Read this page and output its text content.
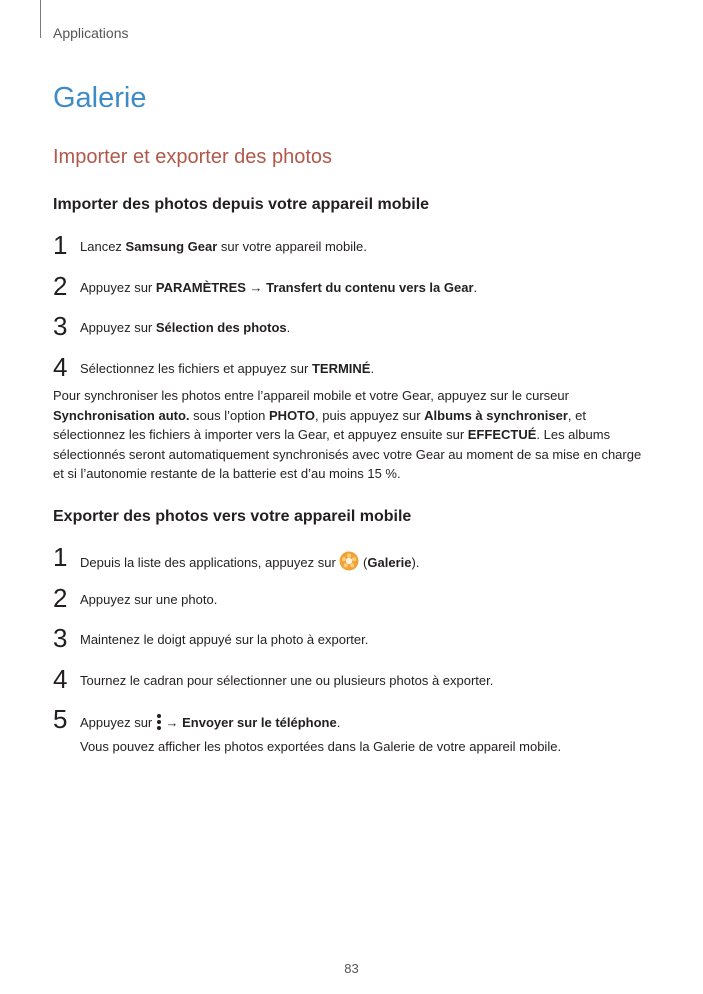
Applications
Galerie
Importer et exporter des photos
Importer des photos depuis votre appareil mobile
1 Lancez Samsung Gear sur votre appareil mobile.
2 Appuyez sur PARAMÈTRES → Transfert du contenu vers la Gear.
3 Appuyez sur Sélection des photos.
4 Sélectionnez les fichiers et appuyez sur TERMINÉ.
Pour synchroniser les photos entre l’appareil mobile et votre Gear, appuyez sur le curseur Synchronisation auto. sous l’option PHOTO, puis appuyez sur Albums à synchroniser, et sélectionnez les fichiers à importer vers la Gear, et appuyez ensuite sur EFFECTUÉ. Les albums sélectionnés seront automatiquement synchronisés avec votre Gear au moment de sa mise en charge et si l’autonomie restante de la batterie est d’au moins 15 %.
Exporter des photos vers votre appareil mobile
1 Depuis la liste des applications, appuyez sur  (Galerie).
2 Appuyez sur une photo.
3 Maintenez le doigt appuyé sur la photo à exporter.
4 Tournez le cadran pour sélectionner une ou plusieurs photos à exporter.
5 Appuyez sur  → Envoyer sur le téléphone.
Vous pouvez afficher les photos exportées dans la Galerie de votre appareil mobile.
83
